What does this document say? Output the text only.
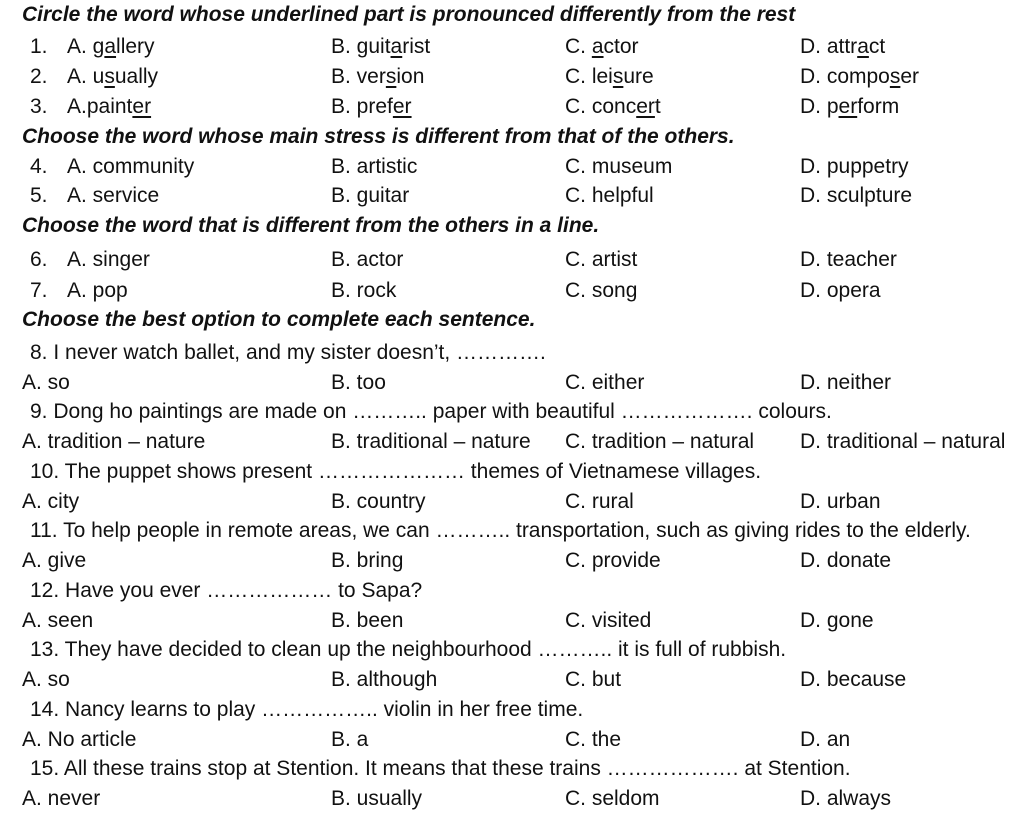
Circle the word whose underlined part is pronounced differently from the rest
1. A. gallery	B. guitarist	C. actor	D. attract
2. A. usually	B. version	C. leisure	D. composer
3. A.painter	B. prefer	C. concert	D. perform
Choose the word whose main stress is different from that of the others.
4. A. community	B. artistic	C. museum	D. puppetry
5. A. service	B. guitar	C. helpful	D. sculpture
Choose the word that is different from the others in a line.
6. A. singer	B. actor	C. artist	D. teacher
7. A. pop	B. rock	C. song	D. opera
Choose the best option to complete each sentence.
8. I never watch ballet, and my sister doesn’t, ………….
A. so	B. too	C. either	D. neither
9. Dong ho paintings are made on ……….. paper with beautiful ………………. colours.
A. tradition – nature	B. traditional – nature C. tradition – natural D. traditional – natural
10. The puppet shows present ………………… themes of Vietnamese villages.
A. city	B. country	C. rural	D. urban
11. To help people in remote areas, we can ……….. transportation, such as giving rides to the elderly.
A. give	B. bring	C. provide	D. donate
12. Have you ever ……………… to Sapa?
A. seen	B. been	C. visited	D. gone
13. They have decided to clean up the neighbourhood ……….. it is full of rubbish.
A. so	B. although	C. but	D. because
14. Nancy learns to play …………….. violin in her free time.
A. No article	B. a	C. the	D. an
15. All these trains stop at Stention. It means that these trains ………………. at Stention.
A. never	B. usually	C. seldom	D. always
